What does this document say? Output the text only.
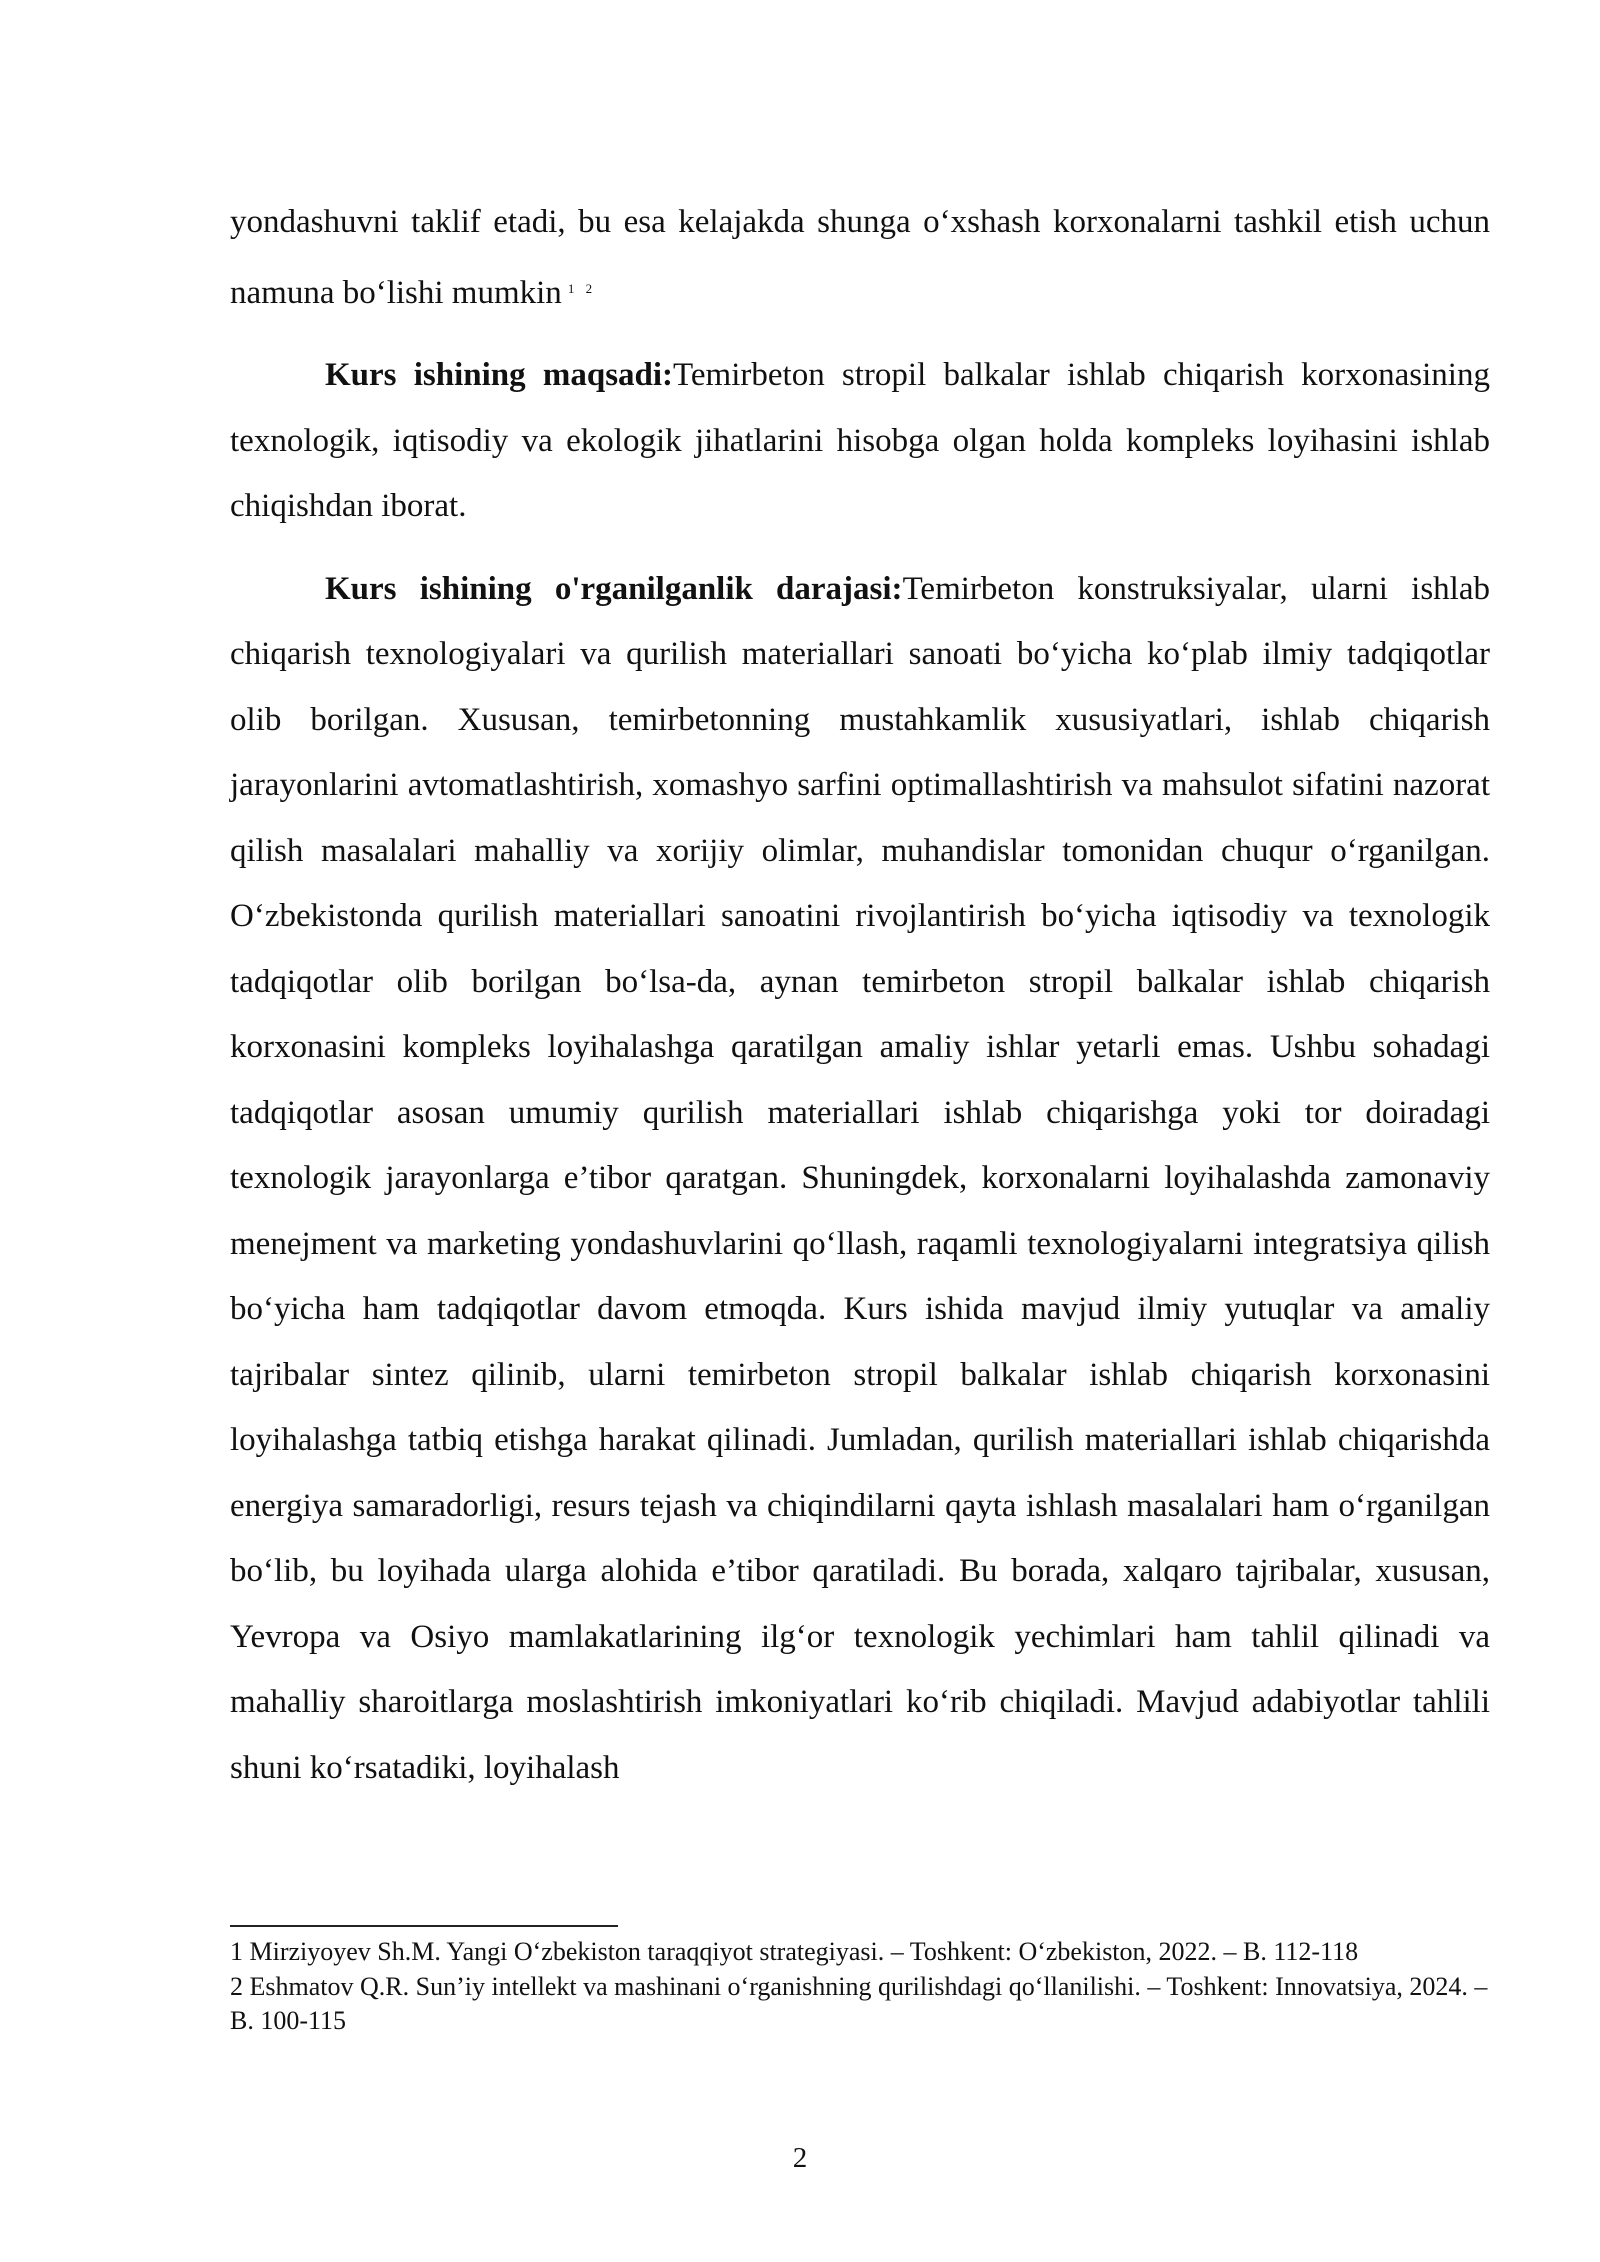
yondashuvni taklif etadi, bu esa kelajakda shunga o‘xshash korxonalarni tashkil etish uchun namuna bo‘lishi mumkin $^{1 2}$

Kurs ishining maqsadi:Temirbeton stropil balkalar ishlab chiqarish korxonasining texnologik, iqtisodiy va ekologik jihatlarini hisobga olgan holda kompleks loyihasini ishlab chiqishdan iborat.

Kurs ishining o'rganilganlik darajasi:Temirbeton konstruksiyalar, ularni ishlab chiqarish texnologiyalari va qurilish materiallari sanoati bo‘yicha ko‘plab ilmiy tadqiqotlar olib borilgan. Xususan, temirbetonning mustahkamlik xususiyatlari, ishlab chiqarish jarayonlarini avtomatlashtirish, xomashyo sarfini optimallashtirish va mahsulot sifatini nazorat qilish masalalari mahalliy va xorijiy olimlar, muhandislar tomonidan chuqur o‘rganilgan. O‘zbekistonda qurilish materiallari sanoatini rivojlantirish bo‘yicha iqtisodiy va texnologik tadqiqotlar olib borilgan bo‘lsa-da, aynan temirbeton stropil balkalar ishlab chiqarish korxonasini kompleks loyihalashga qaratilgan amaliy ishlar yetarli emas. Ushbu sohadagi tadqiqotlar asosan umumiy qurilish materiallari ishlab chiqarishga yoki tor doiradagi texnologik jarayonlarga e’tibor qaratgan. Shuningdek, korxonalarni loyihalashda zamonaviy menejment va marketing yondashuvlarini qo‘llash, raqamli texnologiyalarni integratsiya qilish bo‘yicha ham tadqiqotlar davom etmoqda. Kurs ishida mavjud ilmiy yutuqlar va amaliy tajribalar sintez qilinib, ularni temirbeton stropil balkalar ishlab chiqarish korxonasini loyihalashga tatbiq etishga harakat qilinadi. Jumladan, qurilish materiallari ishlab chiqarishda energiya samaradorligi, resurs tejash va chiqindilarni qayta ishlash masalalari ham o‘rganilgan bo‘lib, bu loyihada ularga alohida e’tibor qaratiladi. Bu borada, xalqaro tajribalar, xususan, Yevropa va Osiyo mamlakatlarining ilg‘or texnologik yechimlari ham tahlil qilinadi va mahalliy sharoitlarga moslashtirish imkoniyatlari ko‘rib chiqiladi. Mavjud adabiyotlar tahlili shuni ko‘rsatadiki, loyihalash

1 Mirziyoyev Sh.M. Yangi O‘zbekiston taraqqiyot strategiyasi. – Toshkent: O‘zbekiston, 2022. – B. 112-118

2 Eshmatov Q.R. Sun’iy intellekt va mashinani o‘rganishning qurilishdagi qo‘llanilishi. – Toshkent: Innovatsiya, 2024. – B. 100-115

2
